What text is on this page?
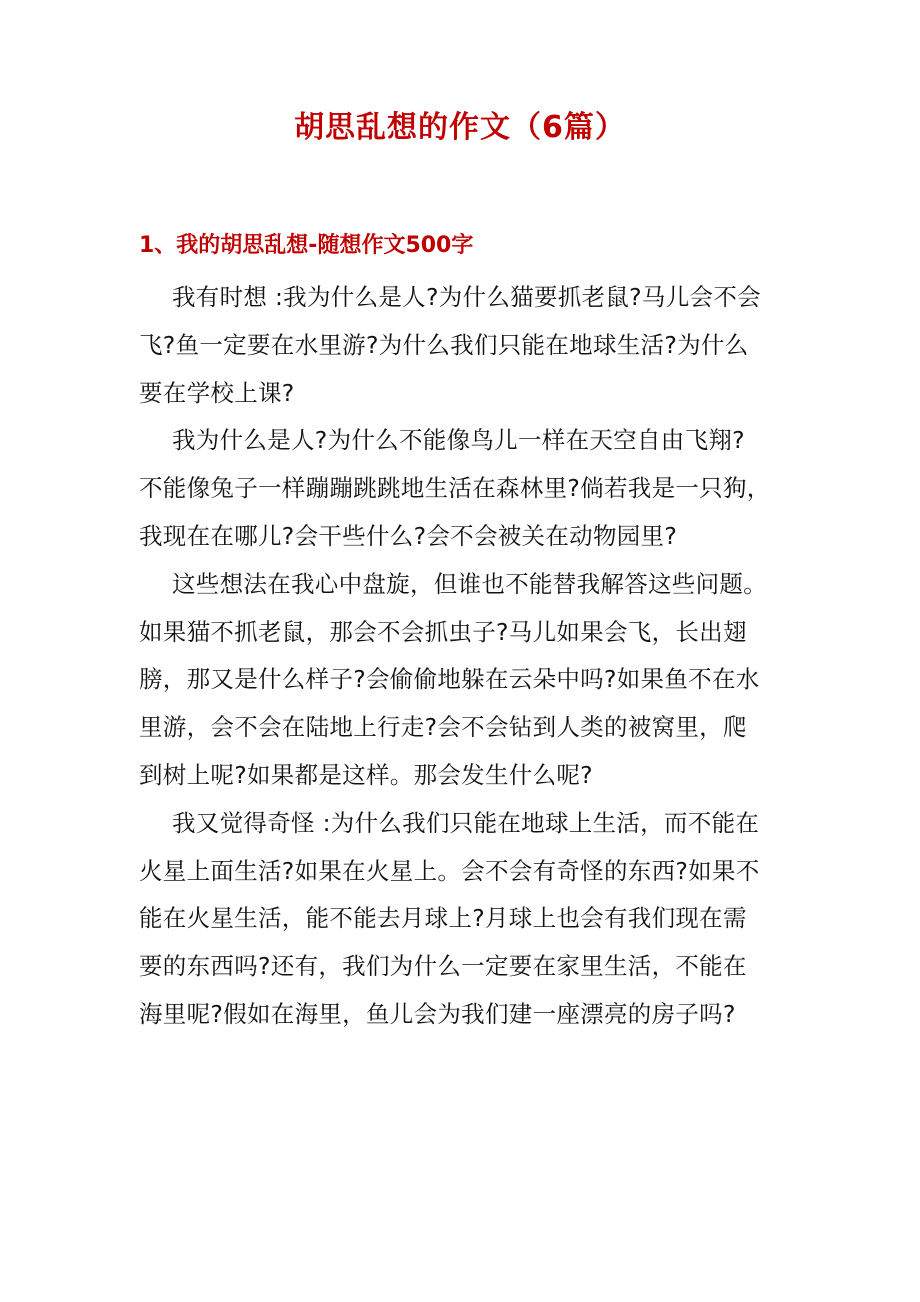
胡思乱想的作文（6篇）
1、我的胡思乱想-随想作文500字
我有时想 :我为什么是人?为什么猫要抓老鼠?马儿会不会
飞?鱼一定要在水里游?为什么我们只能在地球生活?为什么
要在学校上课?
我为什么是人?为什么不能像鸟儿一样在天空自由飞翔?
不能像兔子一样蹦蹦跳跳地生活在森林里?倘若我是一只狗，
我现在在哪儿?会干些什么?会不会被关在动物园里?
这些想法在我心中盘旋，但谁也不能替我解答这些问题。
如果猫不抓老鼠，那会不会抓虫子?马儿如果会飞，长出翅
膀，那又是什么样子?会偷偷地躲在云朵中吗?如果鱼不在水
里游，会不会在陆地上行走?会不会钻到人类的被窝里，爬
到树上呢?如果都是这样。那会发生什么呢?
我又觉得奇怪 :为什么我们只能在地球上生活，而不能在
火星上面生活?如果在火星上。会不会有奇怪的东西?如果不
能在火星生活，能不能去月球上?月球上也会有我们现在需
要的东西吗?还有，我们为什么一定要在家里生活，不能在
海里呢?假如在海里，鱼儿会为我们建一座漂亮的房子吗?
